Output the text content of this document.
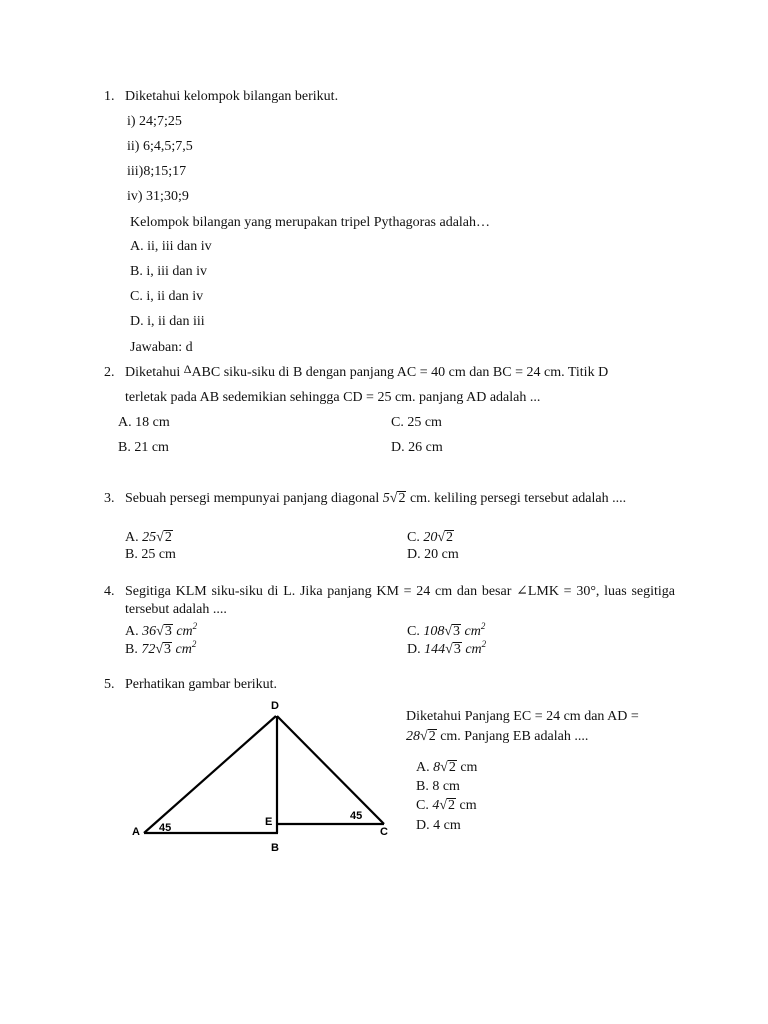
1. Diketahui kelompok bilangan berikut.
i) 24;7;25
ii) 6;4,5;7,5
iii)8;15;17
iv) 31;30;9
Kelompok bilangan yang merupakan tripel Pythagoras adalah…
A. ii, iii dan iv
B. i, iii dan iv
C. i, ii dan iv
D. i, ii dan iii
Jawaban: d
2. Diketahui $^\Delta$ABC siku-siku di B dengan panjang AC = 40 cm dan BC = 24 cm. Titik D
terletak pada AB sedemikian sehingga CD = 25 cm. panjang AD adalah ...
A. 18 cm
B. 21 cm
C. 25 cm
D. 26 cm
3. Sebuah persegi mempunyai panjang diagonal 5√2 cm. keliling persegi tersebut adalah ....
A. 25√2
B. 25 cm
C. 20√2
D. 20 cm
4. Segitiga KLM siku-siku di L. Jika panjang KM = 24 cm dan besar ∠LMK = 30°, luas segitiga tersebut adalah ....
A. 36√3 $cm^2$
B. 72√3 $cm^2$
C. 108√3 $cm^2$
D. 144√3 $cm^2$
5. Perhatikan gambar berikut.
D
A
E
C
B
45
45
Diketahui Panjang EC = 24 cm dan AD =
28√2 cm. Panjang EB adalah ....
A. 8√2 cm
B. 8 cm
C. 4√2 cm
D. 4 cm
